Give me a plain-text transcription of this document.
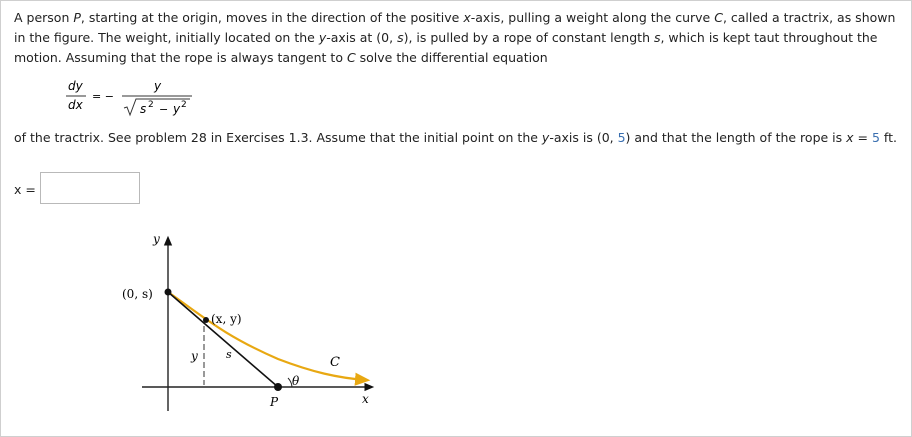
A person P, starting at the origin, moves in the direction of the positive x-axis, pulling a weight along the curve C, called a tractrix, as shown in the figure. The weight, initially located on the y-axis at (0, s), is pulled by a rope of constant length s, which is kept taut throughout the motion. Assuming that the rope is always tangent to C solve the differential equation

dy
dx
= −
y
s 2 − y 2

of the tractrix. See problem 28 in Exercises 1.3. Assume that the initial point on the y-axis is (0, 5) and that the length of the rope is x = 5 ft.

x =
y
x
(0, s)
(x, y)
y	s
C
θ
P
